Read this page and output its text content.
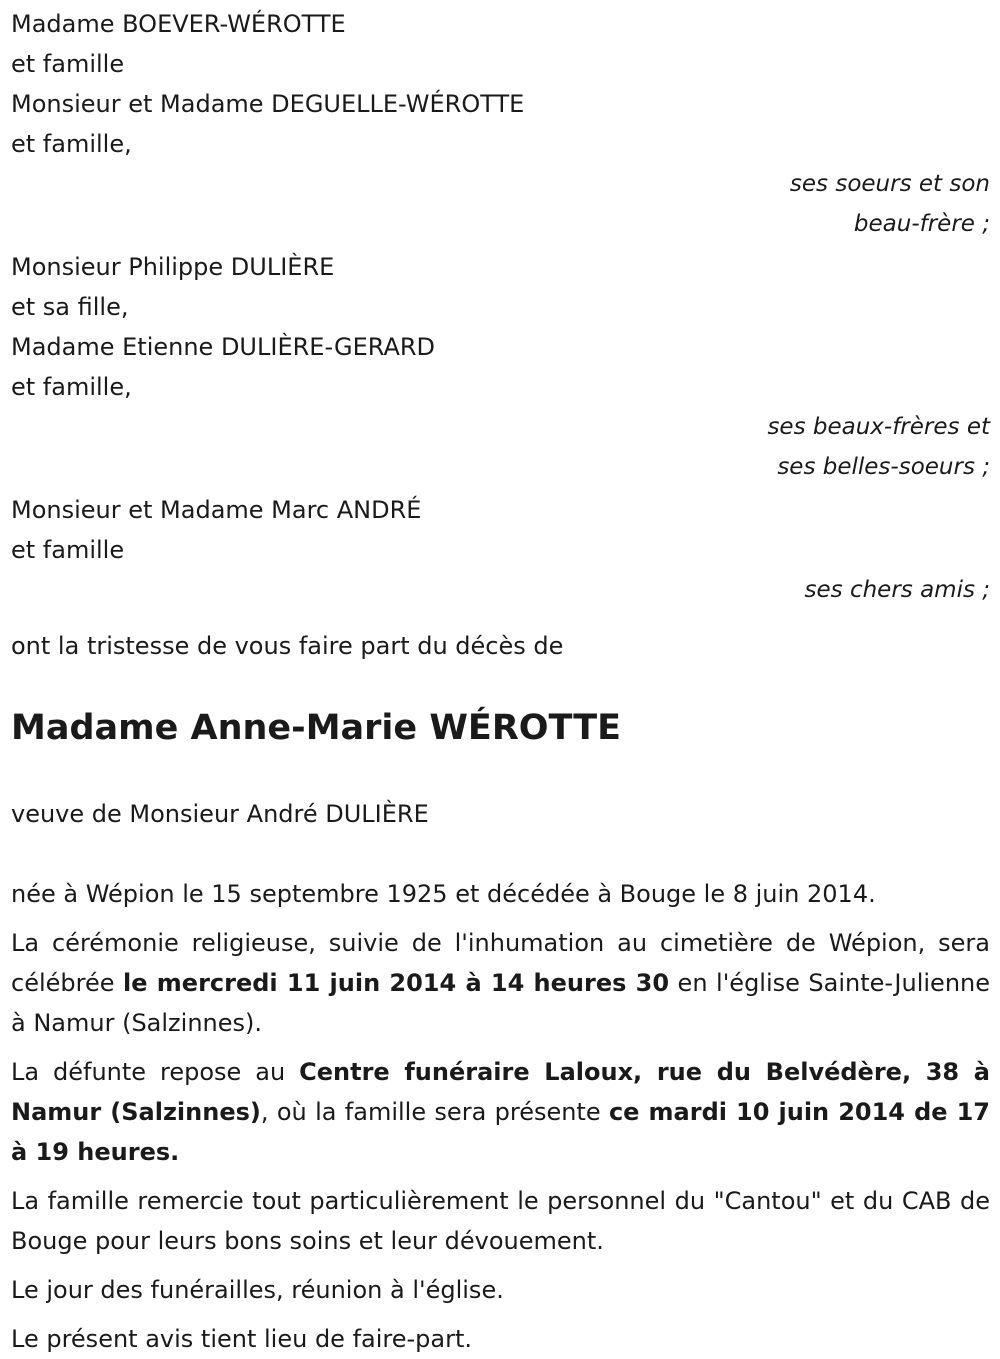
Madame BOEVER-WÉROTTE
et famille
Monsieur et Madame DEGUELLE-WÉROTTE
et famille,
ses soeurs et son
beau-frère ;
Monsieur Philippe DULIÈRE
et sa fille,
Madame Etienne DULIÈRE-GERARD
et famille,
ses beaux-frères et
ses belles-soeurs ;
Monsieur et Madame Marc ANDRÉ
et famille
ses chers amis ;
ont la tristesse de vous faire part du décès de
Madame Anne-Marie WÉROTTE
veuve de Monsieur André DULIÈRE
née à Wépion le 15 septembre 1925 et décédée à Bouge le 8 juin 2014.
La cérémonie religieuse, suivie de l'inhumation au cimetière de Wépion, sera célébrée le mercredi 11 juin 2014 à 14 heures 30 en l'église Sainte-Julienne à Namur (Salzinnes).
La défunte repose au Centre funéraire Laloux, rue du Belvédère, 38 à Namur (Salzinnes), où la famille sera présente ce mardi 10 juin 2014 de 17 à 19 heures.
La famille remercie tout particulièrement le personnel du "Cantou" et du CAB de Bouge pour leurs bons soins et leur dévouement.
Le jour des funérailles, réunion à l'église.
Le présent avis tient lieu de faire-part.
